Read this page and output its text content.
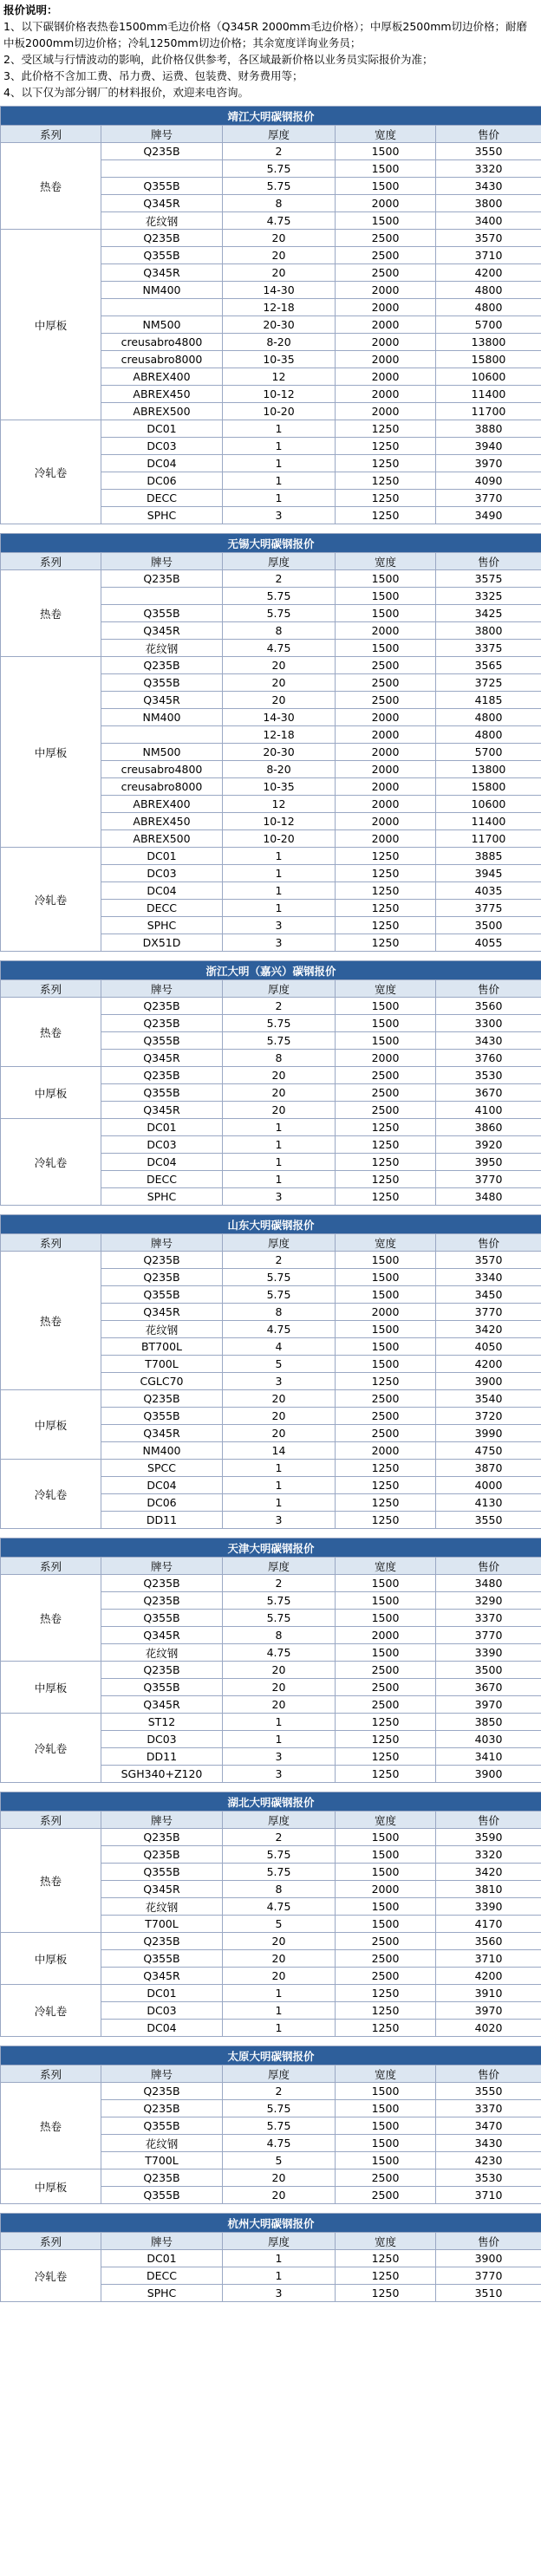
报价说明：
1、以下碳钢价格表热卷1500mm毛边价格（Q345R 2000mm毛边价格）；中厚板2500mm切边价格；耐磨中板2000mm切边价格；冷轧1250mm切边价格；其余宽度详询业务员；
2、受区域与行情波动的影响，此价格仅供参考，各区域最新价格以业务员实际报价为准；
3、此价格不含加工费、吊力费、运费、包装费、财务费用等；
4、以下仅为部分钢厂的材料报价，欢迎来电咨询。
靖江大明碳钢报价				
系列	牌号	厚度	宽度	售价
热卷	Q235B	2	1500	3550
		5.75	1500	3320
	Q355B	5.75	1500	3430
	Q345R	8	2000	3800
	花纹钢	4.75	1500	3400
中厚板	Q235B	20	2500	3570
	Q355B	20	2500	3710
	Q345R	20	2500	4200
	NM400	14-30	2000	4800
		12-18	2000	4800
	NM500	20-30	2000	5700
	creusabro4800	8-20	2000	13800
	creusabro8000	10-35	2000	15800
	ABREX400	12	2000	10600
	ABREX450	10-12	2000	11400
	ABREX500	10-20	2000	11700
冷轧卷	DC01	1	1250	3880
	DC03	1	1250	3940
	DC04	1	1250	3970
	DC06	1	1250	4090
	DECC	1	1250	3770
	SPHC	3	1250	3490
无锡大明碳钢报价				
系列	牌号	厚度	宽度	售价
热卷	Q235B	2	1500	3575
		5.75	1500	3325
	Q355B	5.75	1500	3425
	Q345R	8	2000	3800
	花纹钢	4.75	1500	3375
中厚板	Q235B	20	2500	3565
	Q355B	20	2500	3725
	Q345R	20	2500	4185
	NM400	14-30	2000	4800
		12-18	2000	4800
	NM500	20-30	2000	5700
	creusabro4800	8-20	2000	13800
	creusabro8000	10-35	2000	15800
	ABREX400	12	2000	10600
	ABREX450	10-12	2000	11400
	ABREX500	10-20	2000	11700
冷轧卷	DC01	1	1250	3885
	DC03	1	1250	3945
	DC04	1	1250	4035
	DECC	1	1250	3775
	SPHC	3	1250	3500
	DX51D	3	1250	4055
浙江大明（嘉兴）碳钢报价				
系列	牌号	厚度	宽度	售价
热卷	Q235B	2	1500	3560
	Q235B	5.75	1500	3300
	Q355B	5.75	1500	3430
	Q345R	8	2000	3760
中厚板	Q235B	20	2500	3530
	Q355B	20	2500	3670
	Q345R	20	2500	4100
冷轧卷	DC01	1	1250	3860
	DC03	1	1250	3920
	DC04	1	1250	3950
	DECC	1	1250	3770
	SPHC	3	1250	3480
山东大明碳钢报价				
系列	牌号	厚度	宽度	售价
热卷	Q235B	2	1500	3570
	Q235B	5.75	1500	3340
	Q355B	5.75	1500	3450
	Q345R	8	2000	3770
	花纹钢	4.75	1500	3420
	BT700L	4	1500	4050
	T700L	5	1500	4200
	CGLC70	3	1250	3900
中厚板	Q235B	20	2500	3540
	Q355B	20	2500	3720
	Q345R	20	2500	3990
	NM400	14	2000	4750
冷轧卷	SPCC	1	1250	3870
	DC04	1	1250	4000
	DC06	1	1250	4130
	DD11	3	1250	3550
天津大明碳钢报价				
系列	牌号	厚度	宽度	售价
热卷	Q235B	2	1500	3480
	Q235B	5.75	1500	3290
	Q355B	5.75	1500	3370
	Q345R	8	2000	3770
	花纹钢	4.75	1500	3390
中厚板	Q235B	20	2500	3500
	Q355B	20	2500	3670
	Q345R	20	2500	3970
冷轧卷	ST12	1	1250	3850
	DC03	1	1250	4030
	DD11	3	1250	3410
	SGH340+Z120	3	1250	3900
湖北大明碳钢报价				
系列	牌号	厚度	宽度	售价
热卷	Q235B	2	1500	3590
	Q235B	5.75	1500	3320
	Q355B	5.75	1500	3420
	Q345R	8	2000	3810
	花纹钢	4.75	1500	3390
	T700L	5	1500	4170
中厚板	Q235B	20	2500	3560
	Q355B	20	2500	3710
	Q345R	20	2500	4200
冷轧卷	DC01	1	1250	3910
	DC03	1	1250	3970
	DC04	1	1250	4020
太原大明碳钢报价				
系列	牌号	厚度	宽度	售价
热卷	Q235B	2	1500	3550
	Q235B	5.75	1500	3370
	Q355B	5.75	1500	3470
	花纹钢	4.75	1500	3430
	T700L	5	1500	4230
中厚板	Q235B	20	2500	3530
	Q355B	20	2500	3710
杭州大明碳钢报价				
系列	牌号	厚度	宽度	售价
冷轧卷	DC01	1	1250	3900
	DECC	1	1250	3770
	SPHC	3	1250	3510
